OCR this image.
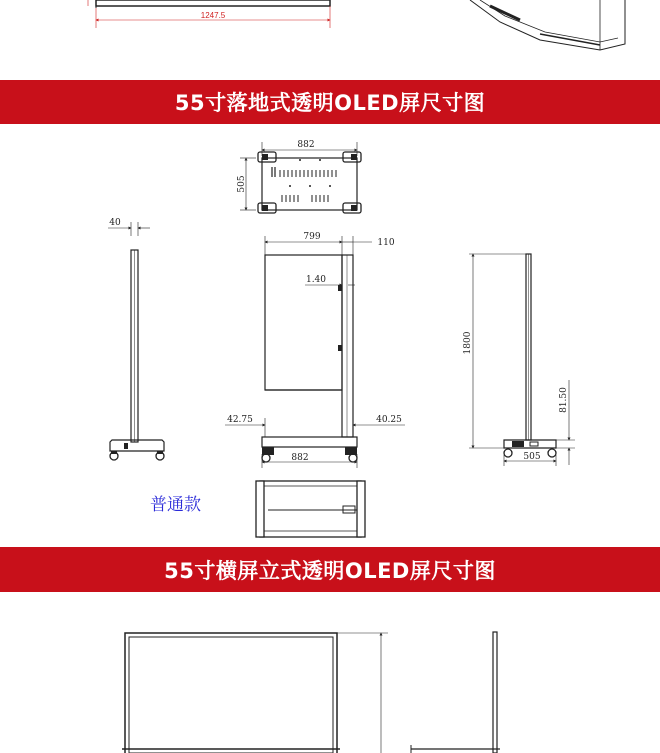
55寸落地式透明OLED屏尺寸图
55寸横屏立式透明OLED屏尺寸图
普通款
1247.5
882
505
40
799
110
1.40
42.75	40.25
882
1800
81.50
505
